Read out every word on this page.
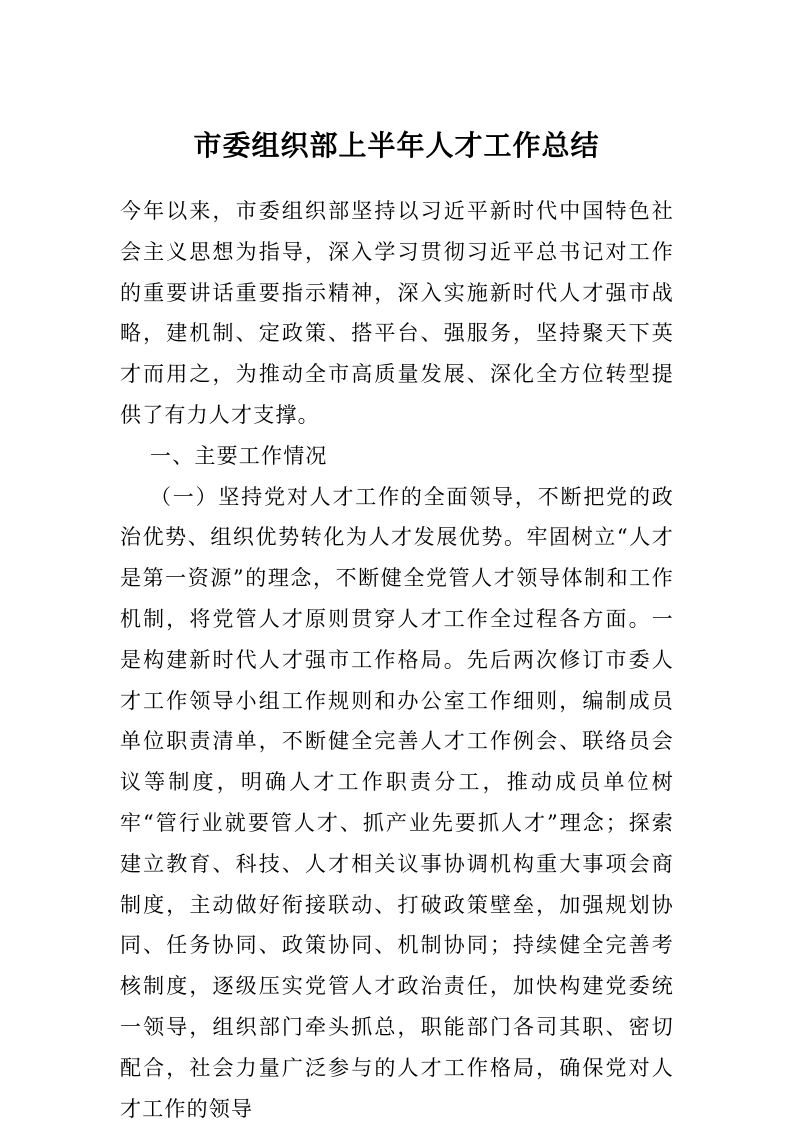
市委组织部上半年人才工作总结

今年以来，市委组织部坚持以习近平新时代中国特色社会主义思想为指导，深入学习贯彻习近平总书记对工作的重要讲话重要指示精神，深入实施新时代人才强市战略，建机制、定政策、搭平台、强服务，坚持聚天下英才而用之，为推动全市高质量发展、深化全方位转型提供了有力人才支撑。

一、主要工作情况

（一）坚持党对人才工作的全面领导，不断把党的政治优势、组织优势转化为人才发展优势。牢固树立“人才是第一资源”的理念，不断健全党管人才领导体制和工作机制，将党管人才原则贯穿人才工作全过程各方面。一是构建新时代人才强市工作格局。先后两次修订市委人才工作领导小组工作规则和办公室工作细则，编制成员单位职责清单，不断健全完善人才工作例会、联络员会议等制度，明确人才工作职责分工，推动成员单位树牢“管行业就要管人才、抓产业先要抓人才”理念；探索建立教育、科技、人才相关议事协调机构重大事项会商制度，主动做好衔接联动、打破政策壁垒，加强规划协同、任务协同、政策协同、机制协同；持续健全完善考核制度，逐级压实党管人才政治责任，加快构建党委统一领导，组织部门牵头抓总，职能部门各司其职、密切配合，社会力量广泛参与的人才工作格局，确保党对人才工作的领导
